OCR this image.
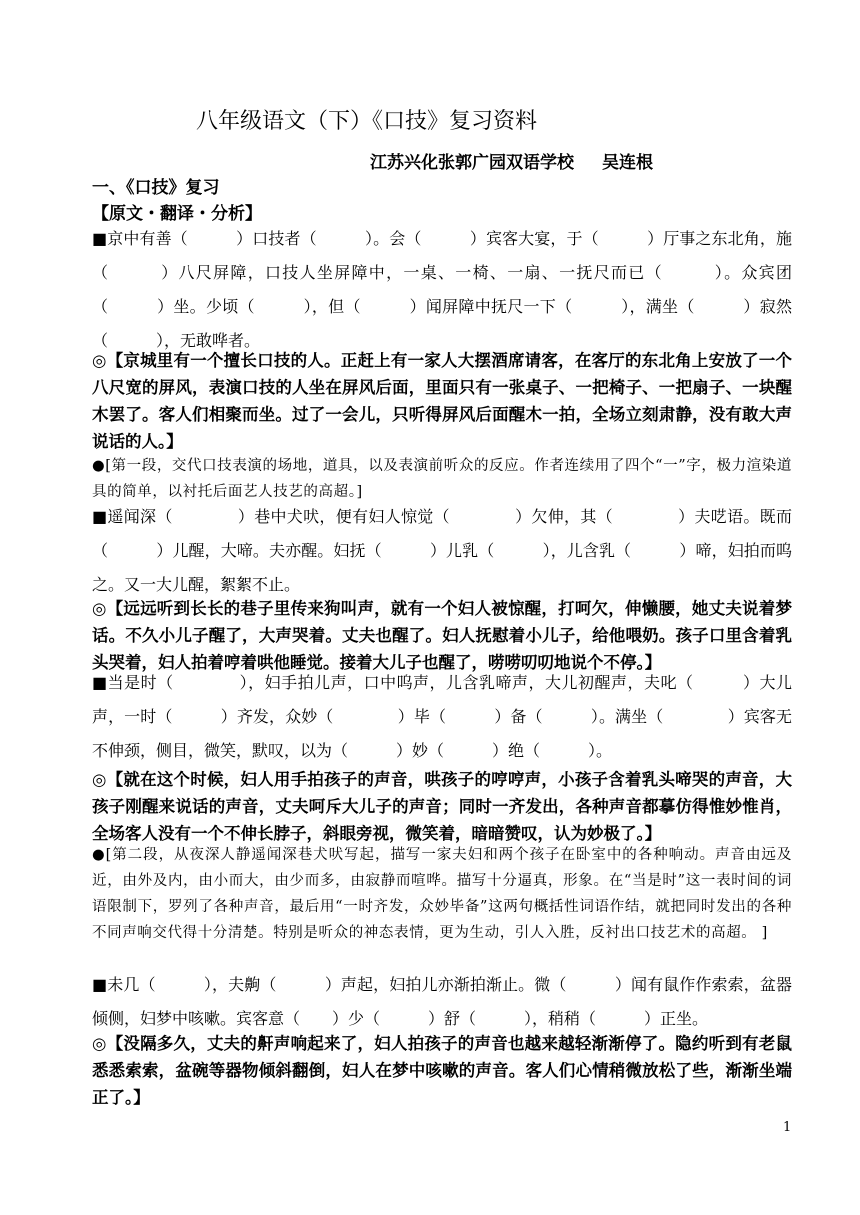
八年级语文（下）《口技》复习资料
江苏兴化张郭广园双语学校 吴连根
一、《口技》复习
【原文・翻译・分析】
■ 京中有善（　　　）口技者（　　　）。会（　　　）宾客大宴，于（　　　）厅事之东北角，施（　　　）八尺屏障，口技人坐屏障中，一桌、一椅、一扇、一抚尺而已（　　　）。众宾团（　　　）坐。少顷（　　　），但（　　　）闻屏障中抚尺一下（　　　），满坐（　　　）寂然（　　　），无敢哗者。
◎ 【京城里有一个擅长口技的人。正赶上有一家人大摆酒席请客，在客厅的东北角上安放了一个八尺宽的屏风，表演口技的人坐在屏风后面，里面只有一张桌子、一把椅子、一把扇子、一块醒木罢了。客人们相聚而坐。过了一会儿，只听得屏风后面醒木一拍，全场立刻肃静，没有敢大声说话的人。】
● [第一段，交代口技表演的场地，道具，以及表演前听众的反应。作者连续用了四个“一”字，极力渲染道具的简单，以衬托后面艺人技艺的高超。]
■ 遥闻深（　　　　）巷中犬吠，便有妇人惊觉（　　　　）欠伸，其（　　　　）夫呓语。既而（　　　）儿醒，大啼。夫亦醒。妇抚（　　　）儿乳（　　　），儿含乳（　　　）啼，妇拍而呜之。又一大儿醒，絮絮不止。
◎ 【远远听到长长的巷子里传来狗叫声，就有一个妇人被惊醒，打呵欠，伸懒腰，她丈夫说着梦话。不久小儿子醒了，大声哭着。丈夫也醒了。妇人抚慰着小儿子，给他喂奶。孩子口里含着乳头哭着，妇人拍着哼着哄他睡觉。接着大儿子也醒了，唠唠叨叨地说个不停。】
■ 当是时（　　　　），妇手拍儿声，口中呜声，儿含乳啼声，大儿初醒声，夫叱（　　　）大儿声，一时（　　　）齐发，众妙（　　　　）毕（　　　）备（　　　）。满坐（　　　　）宾客无不伸颈，侧目，微笑，默叹，以为（　　　）妙（　　　）绝（　　　）。
◎ 【就在这个时候，妇人用手拍孩子的声音，哄孩子的哼哼声，小孩子含着乳头啼哭的声音，大孩子刚醒来说话的声音，丈夫呵斥大儿子的声音；同时一齐发出，各种声音都摹仿得惟妙惟肖，全场客人没有一个不伸长脖子，斜眼旁视，微笑着，暗暗赞叹，认为妙极了。】
● [第二段，从夜深人静遥闻深巷犬吠写起，描写一家夫妇和两个孩子在卧室中的各种响动。声音由远及近，由外及内，由小而大，由少而多，由寂静而喧哗。描写十分逼真，形象。在“当是时”这一表时间的词语限制下，罗列了各种声音，最后用“一时齐发，众妙毕备”这两句概括性词语作结，就把同时发出的各种不同声响交代得十分清楚。特别是听众的神态表情，更为生动，引人入胜，反衬出口技艺术的高超。 ]
■ 未几（　　　），夫齁（　　　）声起，妇拍儿亦渐拍渐止。微（　　　）闻有鼠作作索索，盆器倾侧，妇梦中咳嗽。宾客意（　　）少（　　　）舒（　　　），稍稍（　　　）正坐。
◎ 【没隔多久，丈夫的鼾声响起来了，妇人拍孩子的声音也越来越轻渐渐停了。隐约听到有老鼠悉悉索索，盆碗等器物倾斜翻倒，妇人在梦中咳嗽的声音。客人们心情稍微放松了些，渐渐坐端正了。】
1
